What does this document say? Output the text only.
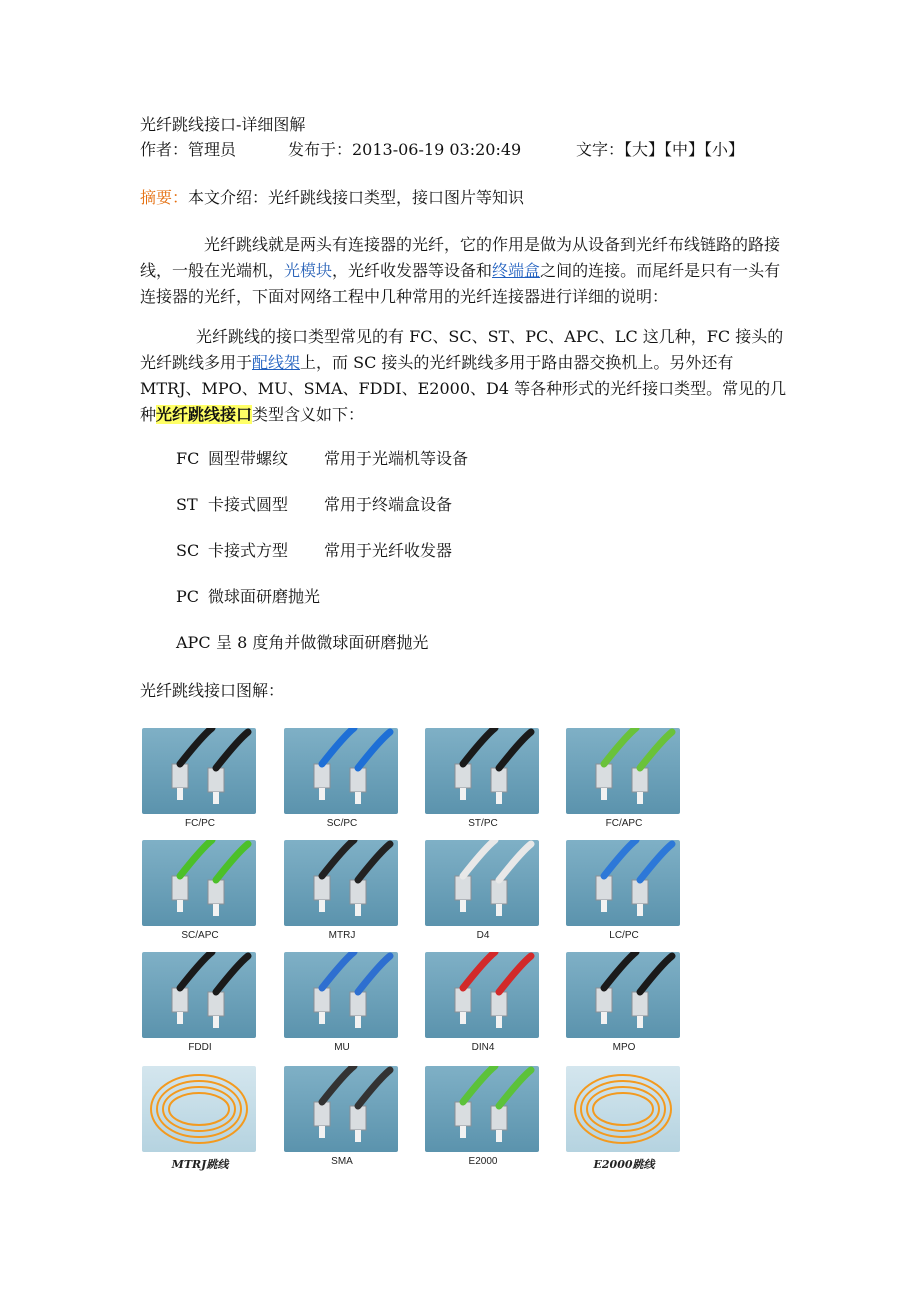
光纤跳线接口-详细图解
作者：管理员	发布于：2013-06-19 03:20:49	文字：【大】【中】【小】
摘要：本文介绍：光纤跳线接口类型，接口图片等知识
光纤跳线就是两头有连接器的光纤，它的作用是做为从设备到光纤布线链路的路接线，一般在光端机，光模块，光纤收发器等设备和终端盒之间的连接。而尾纤是只有一头有连接器的光纤，下面对网络工程中几种常用的光纤连接器进行详细的说明：
光纤跳线的接口类型常见的有 FC、SC、ST、PC、APC、LC 这几种，FC 接头的光纤跳线多用于配线架上，而 SC 接头的光纤跳线多用于路由器交换机上。另外还有 MTRJ、MPO、MU、SMA、FDDI、E2000、D4 等各种形式的光纤接口类型。常见的几种光纤跳线接口类型含义如下：
FC 圆型带螺纹 常用于光端机等设备
ST 卡接式圆型 常用于终端盒设备
SC 卡接式方型 常用于光纤收发器
PC 微球面研磨抛光
APC 呈 8 度角并做微球面研磨抛光
光纤跳线接口图解：
FC/PC	SC/PC	ST/PC	FC/APC
SC/APC	MTRJ	D4	LC/PC
FDDI	MU	DIN4	MPO
MTRJ跳线	SMA	E2000	E2000跳线
